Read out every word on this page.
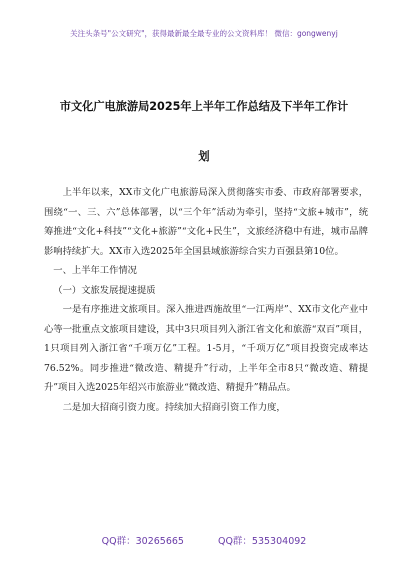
关注头条号"公文研究"，获得最新最全最专业的公文资料库！ 微信：gongwenyj
市文化广电旅游局2025年上半年工作总结及下半年工作计
划

上半年以来，XX市文化广电旅游局深入贯彻落实市委、市政府部署要求，围绕“一、三、六”总体部署，以“三个年”活动为牵引，坚持“文旅+城市”，统筹推进“文化+科技”“文化+旅游”“文化+民生”，文旅经济稳中有进，城市品牌影响持续扩大。XX市入选2025年全国县域旅游综合实力百强县第10位。

一、上半年工作情况

（一）文旅发展提速提质

一是有序推进文旅项目。深入推进西施故里“一江两岸”、XX市文化产业中心等一批重点文旅项目建设，其中3只项目列入浙江省文化和旅游“双百”项目，1只项目列入浙江省“千项万亿”工程。1-5月，“千项万亿”项目投资完成率达76.52%。同步推进“微改造、精提升”行动，上半年全市8只“微改造、精提升”项目入选2025年绍兴市旅游业“微改造、精提升”精品点。

二是加大招商引资力度。持续加大招商引资工作力度，

QQ群：30265665	QQ群：535304092
